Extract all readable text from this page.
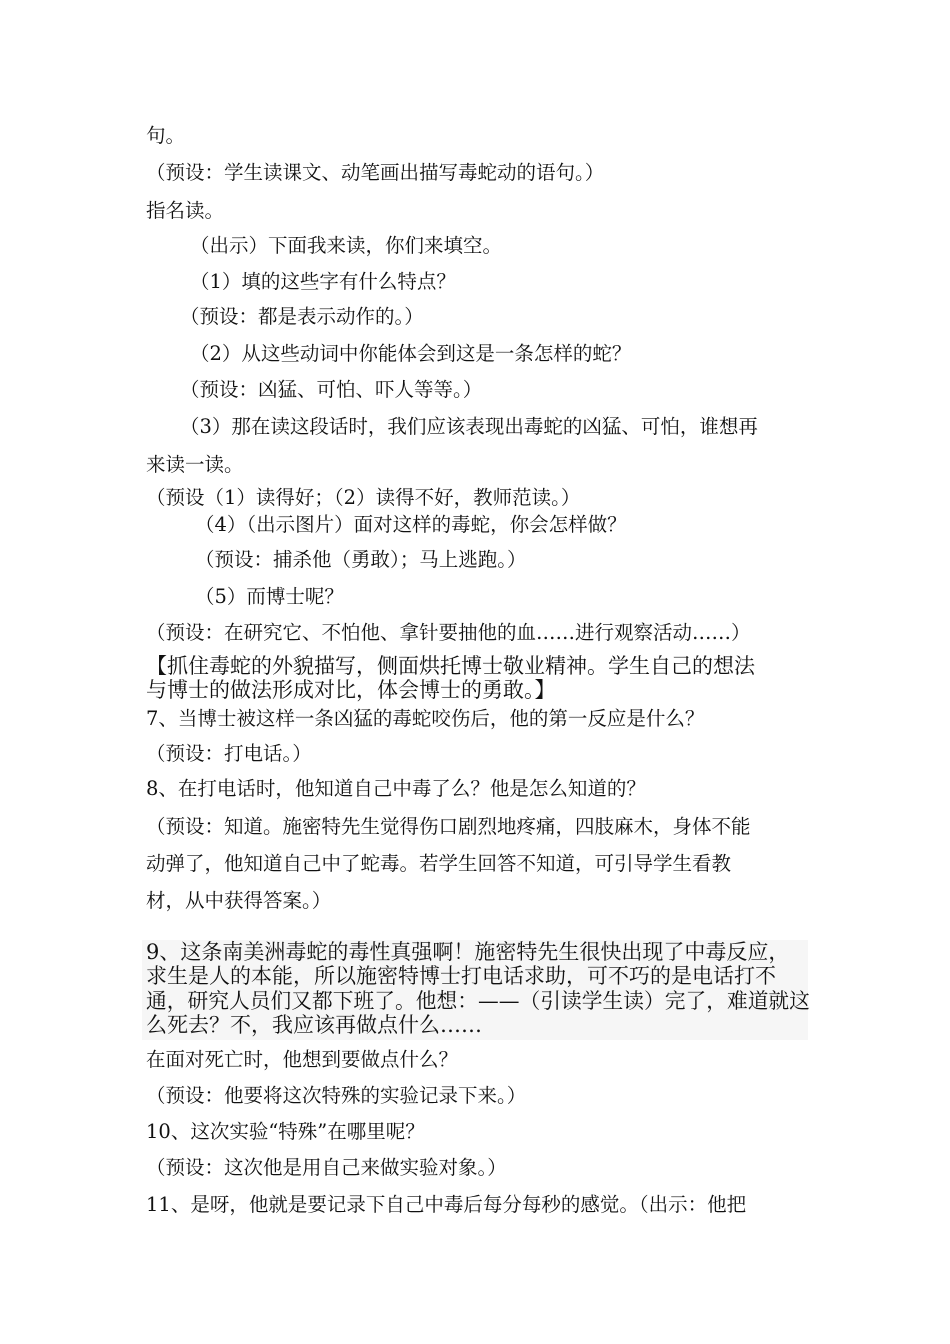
句。
（预设：学生读课文、动笔画出描写毒蛇动的语句。）
指名读。
（出示）下面我来读，你们来填空。
（1）填的这些字有什么特点？
（预设：都是表示动作的。）
（2）从这些动词中你能体会到这是一条怎样的蛇？
（预设：凶猛、可怕、吓人等等。）
（3）那在读这段话时，我们应该表现出毒蛇的凶猛、可怕，谁想再
来读一读。
（预设（1）读得好；（2）读得不好，教师范读。）
（4）（出示图片）面对这样的毒蛇，你会怎样做？
（预设：捕杀他（勇敢）；马上逃跑。）
（5）而博士呢？
（预设：在研究它、不怕他、拿针要抽他的血……进行观察活动……）
【抓住毒蛇的外貌描写，侧面烘托博士敬业精神。学生自己的想法
与博士的做法形成对比，体会博士的勇敢。】
7、当博士被这样一条凶猛的毒蛇咬伤后，他的第一反应是什么？
（预设：打电话。）
8、在打电话时，他知道自己中毒了么？他是怎么知道的？
（预设：知道。施密特先生觉得伤口剧烈地疼痛，四肢麻木，身体不能
动弹了，他知道自己中了蛇毒。若学生回答不知道，可引导学生看教
材，从中获得答案。）
9、这条南美洲毒蛇的毒性真强啊！施密特先生很快出现了中毒反应，
求生是人的本能，所以施密特博士打电话求助，可不巧的是电话打不
通，研究人员们又都下班了。他想：——（引读学生读）完了，难道就这
么死去？不，我应该再做点什么……
在面对死亡时，他想到要做点什么？
（预设：他要将这次特殊的实验记录下来。）
10、这次实验“特殊”在哪里呢？
（预设：这次他是用自己来做实验对象。）
11、是呀，他就是要记录下自己中毒后每分每秒的感觉。（出示：他把
